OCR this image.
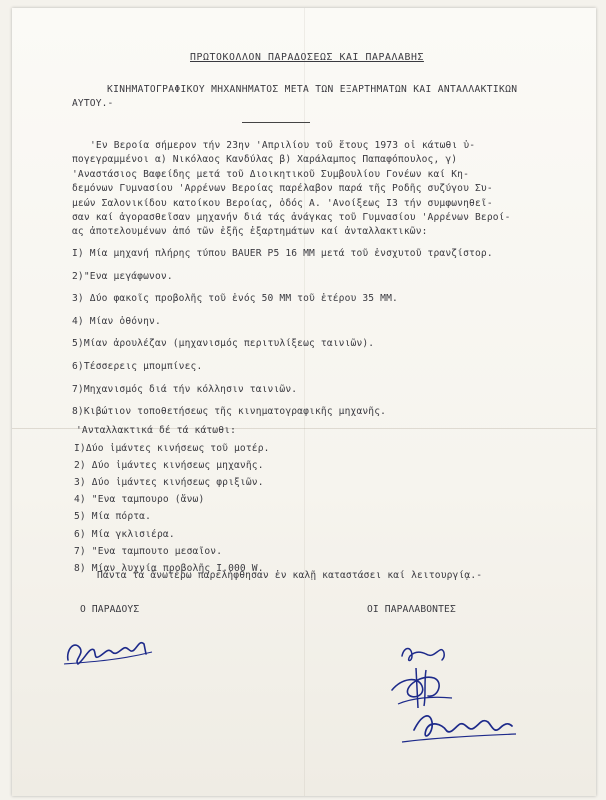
ΠΡΩΤΟΚΟΛΛΟΝ ΠΑΡΑΔΟΣΕΩΣ ΚΑΙ ΠΑΡΑΛΑΒΗΣ
ΚΙΝΗΜΑΤΟΓΡΑΦΙΚΟΥ ΜΗΧΑΝΗΜΑΤΟΣ ΜΕΤΑ ΤΩΝ ΕΞΑΡΤΗΜΑΤΩΝ ΚΑΙ ΑΝΤΑΛΛΑΚΤΙΚΩΝ
ΑΥΤΟΥ.-
'Εν Βεροία σήμερον τήν 23ην 'Απριλίου τοῦ ἔτους 1973 οἱ κάτωθι ὑ-
πογεγραμμένοι α) Νικόλαος Κανδύλας β) Χαράλαμπος Παπαφόπουλος, γ)
'Αναστάσιος Βαφείδης μετά τοῦ Διοικητικοῦ Συμβουλίου Γονέων καί Κη-
δεμόνων Γυμνασίου 'Αρρένων Βεροίας παρέλαβον παρά τῆς Ροδῆς συζύγου Συ-
μεών Σαλονικίδου κατοίκου Βεροίας, ὁδός Α. 'Ανοίξεως Ι3 τήν συμφωνηθεῖ-
σαν καί ἀγορασθεῖσαν μηχανήν διά τάς ἀνάγκας τοῦ Γυμνασίου 'Αρρένων Βεροί-
ας ἀποτελουμένων ἀπό τῶν ἑξῆς ἐξαρτημάτων καί ἀνταλλακτικῶν:
Ι) Μία μηχανή πλήρης τύπου BAUER P5 16 MM μετά τοῦ ἐνσχυτοῦ τρανζίστορ.
2)"Ενα μεγάφωνον.
3) Δύο φακοῖς προβολῆς τοῦ ἑνός 50 ΜΜ τοῦ ἑτέρου 35 ΜΜ.
4) Μίαν ὀθόνην.
5)Μίαν ἀρουλέζαν (μηχανισμός περιτυλίξεως ταινιῶν).
6)Τέσσερεις μπομπίνες.
7)Μηχανισμός διά τήν κόλλησιν ταινιῶν.
8)Κιβώτιον τοποθετήσεως τῆς κινηματογραφικῆς μηχανῆς.
'Ανταλλακτικά δέ τά κάτωθι:
Ι)Δύο ἱμάντες κινήσεως τοῦ μοτέρ.
2) Δύο ἱμάντες κινήσεως μηχανῆς.
3) Δύο ἱμάντες κινήσεως φριξιῶν.
4) "Ενα ταμπουρο (ἄνω)
5) Μία πόρτα.
6) Μία γκλισιέρα.
7) "Ενα ταμπουτο μεσαῖον.
8) Μίαν λυχνία προβολῆς Ι.000 W.
Πάντα τά ἄνωτέρω παρελήφθησαν ἐν καλῇ καταστάσει καί λειτουργίᾳ.-
Ο ΠΑΡΑΔΟΥΣ	ΟΙ ΠΑΡΑΛΑΒΟΝΤΕΣ
